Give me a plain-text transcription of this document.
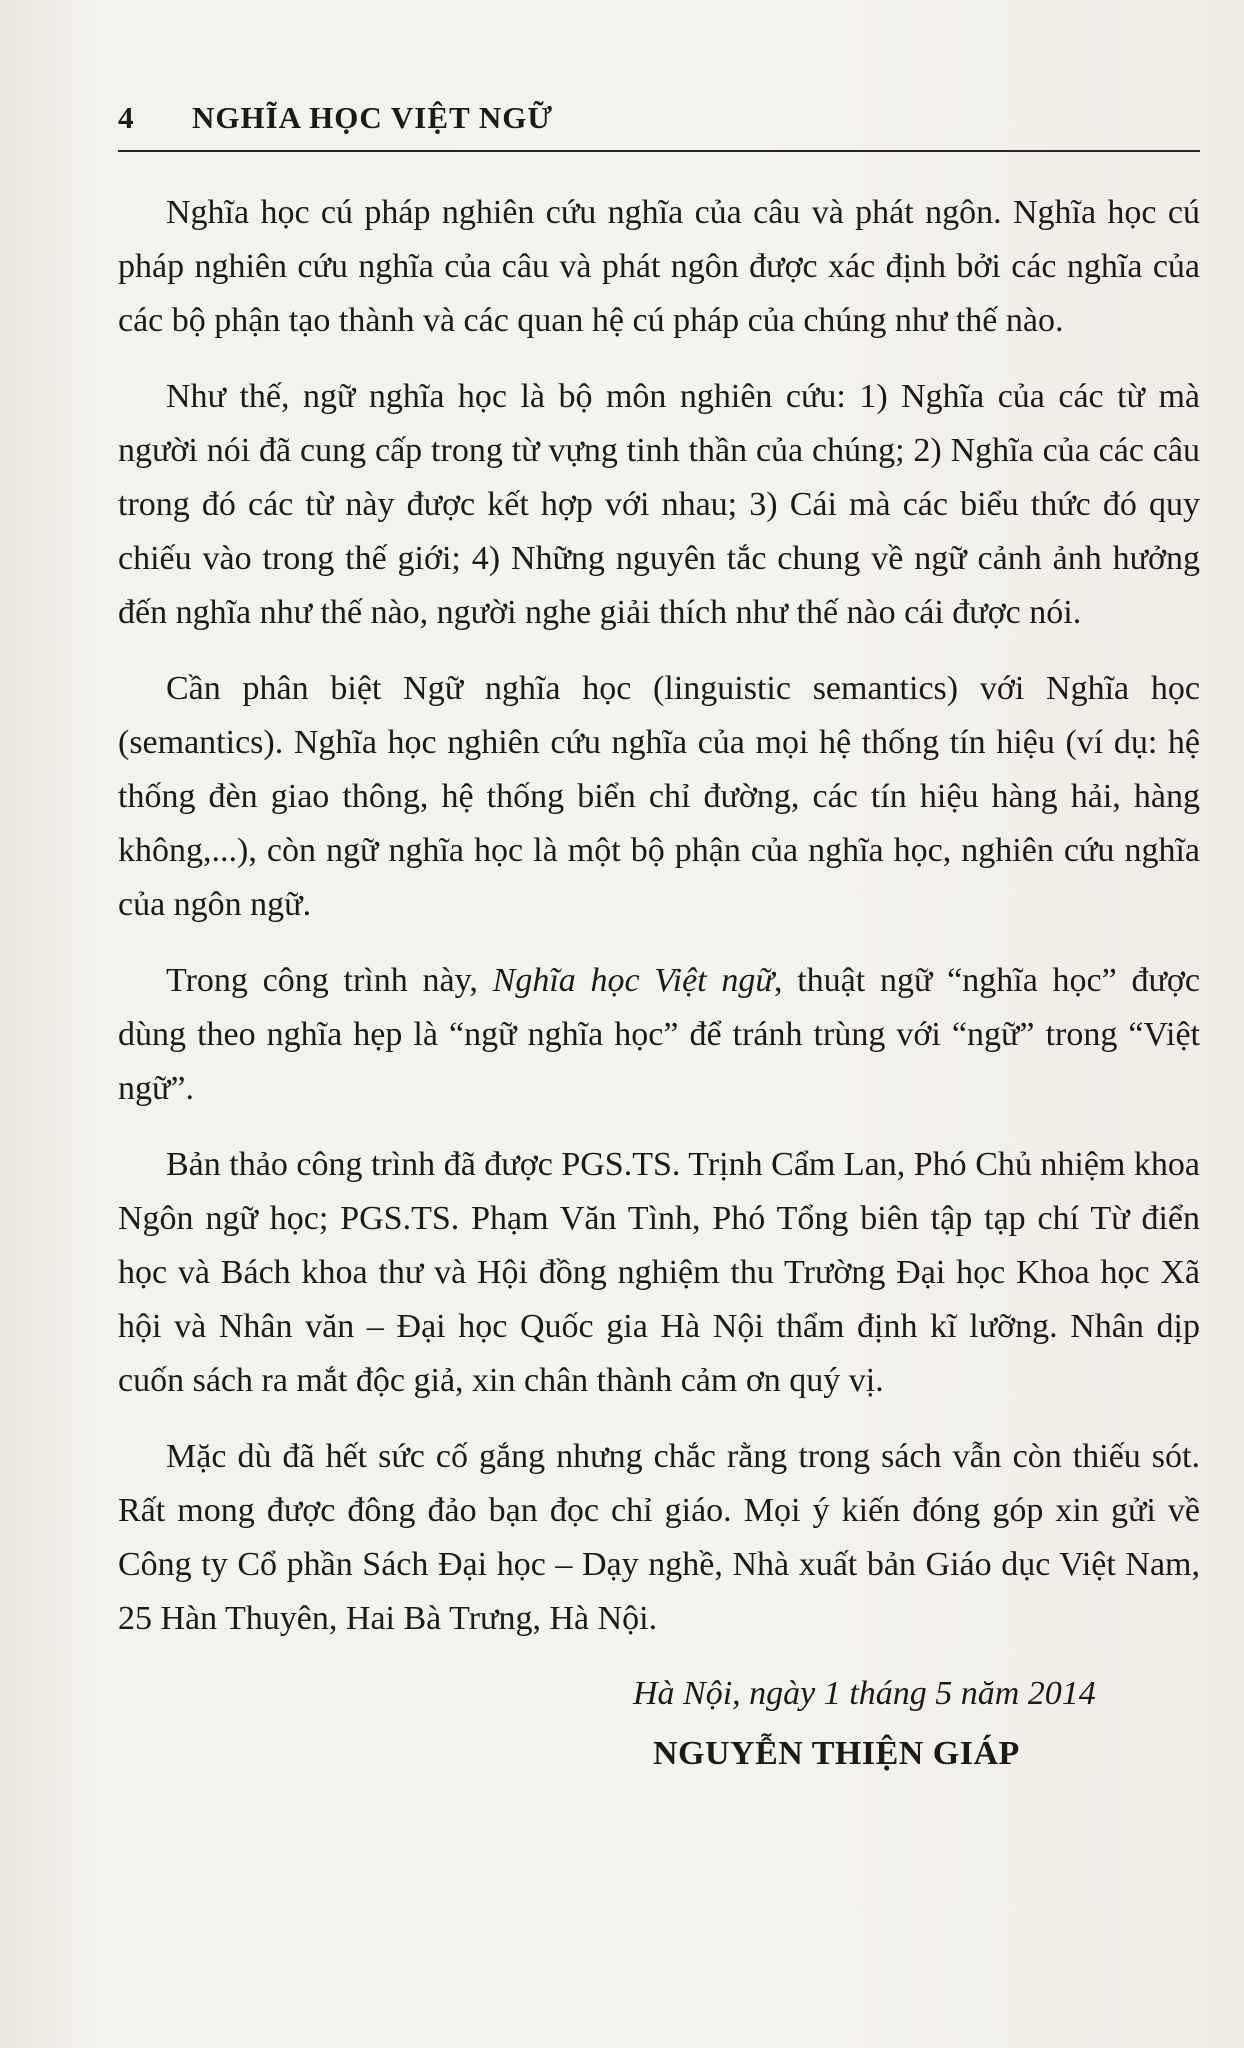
4 NGHĨA HỌC VIỆT NGỮ

Nghĩa học cú pháp nghiên cứu nghĩa của câu và phát ngôn. Nghĩa học cú pháp nghiên cứu nghĩa của câu và phát ngôn được xác định bởi các nghĩa của các bộ phận tạo thành và các quan hệ cú pháp của chúng như thế nào.

Như thế, ngữ nghĩa học là bộ môn nghiên cứu: 1) Nghĩa của các từ mà người nói đã cung cấp trong từ vựng tinh thần của chúng; 2) Nghĩa của các câu trong đó các từ này được kết hợp với nhau; 3) Cái mà các biểu thức đó quy chiếu vào trong thế giới; 4) Những nguyên tắc chung về ngữ cảnh ảnh hưởng đến nghĩa như thế nào, người nghe giải thích như thế nào cái được nói.

Cần phân biệt Ngữ nghĩa học (linguistic semantics) với Nghĩa học (semantics). Nghĩa học nghiên cứu nghĩa của mọi hệ thống tín hiệu (ví dụ: hệ thống đèn giao thông, hệ thống biển chỉ đường, các tín hiệu hàng hải, hàng không,...), còn ngữ nghĩa học là một bộ phận của nghĩa học, nghiên cứu nghĩa của ngôn ngữ.

Trong công trình này, Nghĩa học Việt ngữ, thuật ngữ “nghĩa học” được dùng theo nghĩa hẹp là “ngữ nghĩa học” để tránh trùng với “ngữ” trong “Việt ngữ”.

Bản thảo công trình đã được PGS.TS. Trịnh Cẩm Lan, Phó Chủ nhiệm khoa Ngôn ngữ học; PGS.TS. Phạm Văn Tình, Phó Tổng biên tập tạp chí Từ điển học và Bách khoa thư và Hội đồng nghiệm thu Trường Đại học Khoa học Xã hội và Nhân văn – Đại học Quốc gia Hà Nội thẩm định kĩ lưỡng. Nhân dịp cuốn sách ra mắt độc giả, xin chân thành cảm ơn quý vị.

Mặc dù đã hết sức cố gắng nhưng chắc rằng trong sách vẫn còn thiếu sót. Rất mong được đông đảo bạn đọc chỉ giáo. Mọi ý kiến đóng góp xin gửi về Công ty Cổ phần Sách Đại học – Dạy nghề, Nhà xuất bản Giáo dục Việt Nam, 25 Hàn Thuyên, Hai Bà Trưng, Hà Nội.

Hà Nội, ngày 1 tháng 5 năm 2014
NGUYỄN THIỆN GIÁP
